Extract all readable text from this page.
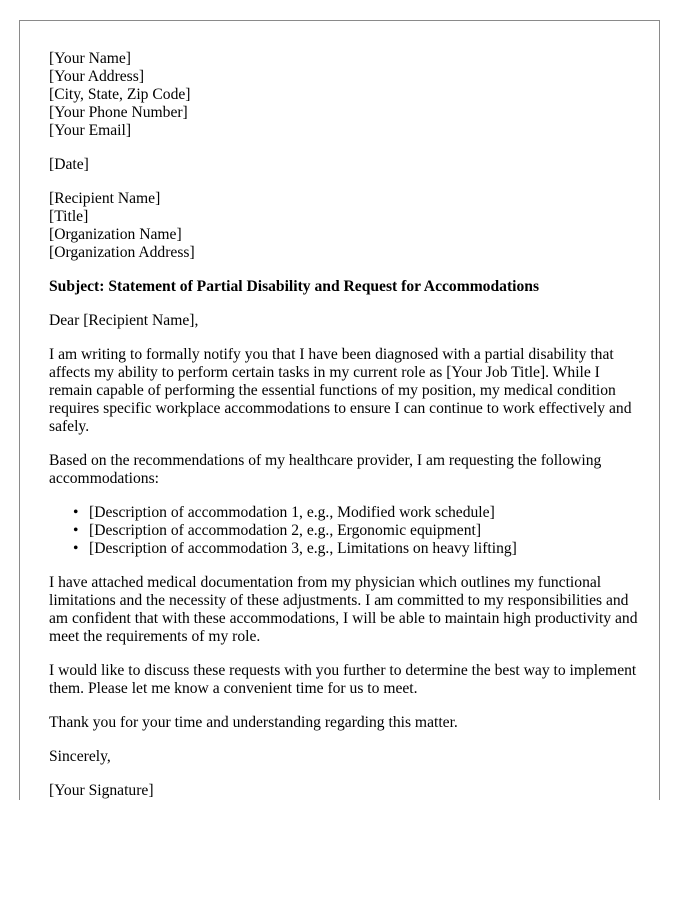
[Your Name]
[Your Address]
[City, State, Zip Code]
[Your Phone Number]
[Your Email]
[Date]
[Recipient Name]
[Title]
[Organization Name]
[Organization Address]

Subject: Statement of Partial Disability and Request for Accommodations

Dear [Recipient Name],

I am writing to formally notify you that I have been diagnosed with a partial disability that affects my ability to perform certain tasks in my current role as [Your Job Title]. While I remain capable of performing the essential functions of my position, my medical condition requires specific workplace accommodations to ensure I can continue to work effectively and safely.

Based on the recommendations of my healthcare provider, I am requesting the following accommodations:

• [Description of accommodation 1, e.g., Modified work schedule]
• [Description of accommodation 2, e.g., Ergonomic equipment]
• [Description of accommodation 3, e.g., Limitations on heavy lifting]

I have attached medical documentation from my physician which outlines my functional limitations and the necessity of these adjustments. I am committed to my responsibilities and am confident that with these accommodations, I will be able to maintain high productivity and meet the requirements of my role.

I would like to discuss these requests with you further to determine the best way to implement them. Please let me know a convenient time for us to meet.

Thank you for your time and understanding regarding this matter.

Sincerely,

[Your Signature]
